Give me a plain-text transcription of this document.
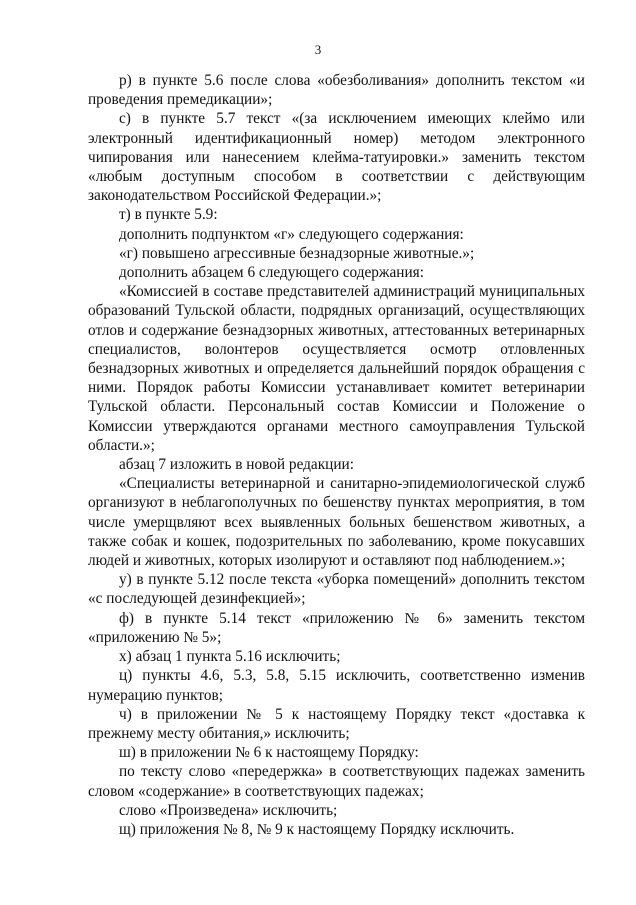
3

р) в пункте 5.6 после слова «обезболивания» дополнить текстом «и проведения премедикации»;

с) в пункте 5.7 текст «(за исключением имеющих клеймо или электронный идентификационный номер) методом электронного чипирования или нанесением клейма-татуировки.» заменить текстом «любым доступным способом в соответствии с действующим законодательством Российской Федерации.»;

т) в пункте 5.9:

дополнить подпунктом «г» следующего содержания:

«г) повышено агрессивные безнадзорные животные.»;

дополнить абзацем 6 следующего содержания:

«Комиссией в составе представителей администраций муниципальных образований Тульской области, подрядных организаций, осуществляющих отлов и содержание безнадзорных животных, аттестованных ветеринарных специалистов, волонтеров осуществляется осмотр отловленных безнадзорных животных и определяется дальнейший порядок обращения с ними. Порядок работы Комиссии устанавливает комитет ветеринарии Тульской области. Персональный состав Комиссии и Положение о Комиссии утверждаются органами местного самоуправления Тульской области.»;

абзац 7 изложить в новой редакции:

«Специалисты ветеринарной и санитарно-эпидемиологической служб организуют в неблагополучных по бешенству пунктах мероприятия, в том числе умерщвляют всех выявленных больных бешенством животных, а также собак и кошек, подозрительных по заболеванию, кроме покусавших людей и животных, которых изолируют и оставляют под наблюдением.»;

у) в пункте 5.12 после текста «уборка помещений» дополнить текстом «с последующей дезинфекцией»;

ф) в пункте 5.14 текст «приложению № 6» заменить текстом «приложению № 5»;

х) абзац 1 пункта 5.16 исключить;

ц) пункты 4.6, 5.3, 5.8, 5.15 исключить, соответственно изменив нумерацию пунктов;

ч) в приложении № 5 к настоящему Порядку текст «доставка к прежнему месту обитания,» исключить;

ш) в приложении № 6 к настоящему Порядку:

по тексту слово «передержка» в соответствующих падежах заменить словом «содержание» в соответствующих падежах;

слово «Произведена» исключить;

щ) приложения № 8, № 9 к настоящему Порядку исключить.
